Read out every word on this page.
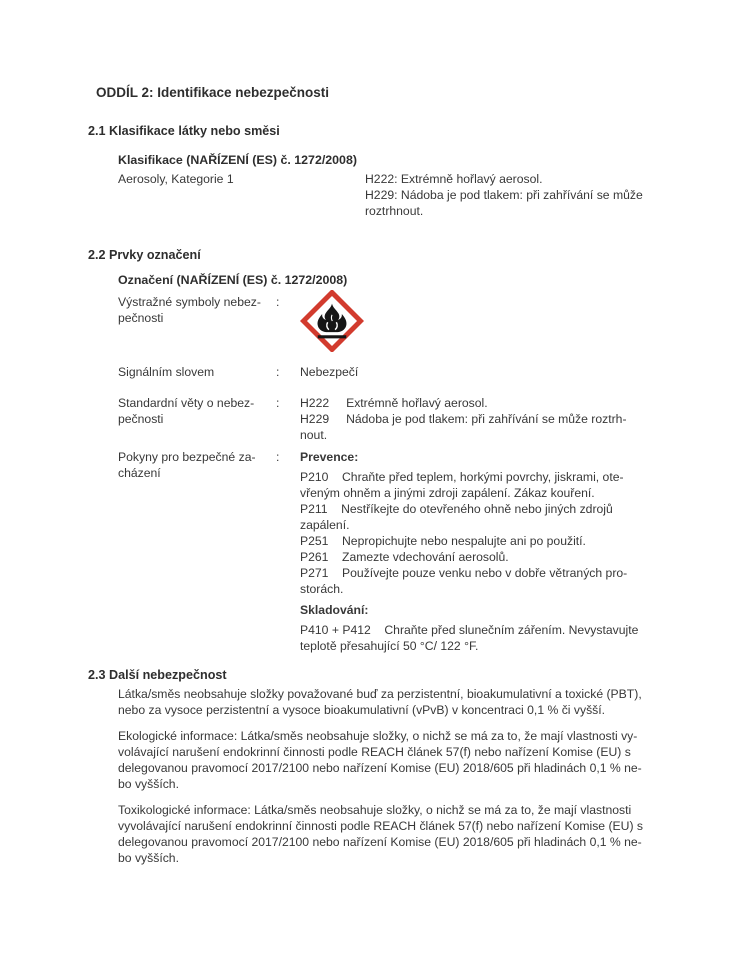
ODDÍL 2: Identifikace nebezpečnosti
2.1 Klasifikace látky nebo směsi
Klasifikace (NAŘÍZENÍ (ES) č. 1272/2008)
Aerosoly, Kategorie 1	H222: Extrémně hořlavý aerosol.
H229: Nádoba je pod tlakem: při zahřívání se může
roztrhnout.
2.2 Prvky označení
Označení (NAŘÍZENÍ (ES) č. 1272/2008)
Výstražné symboly nebez-
pečnosti
:
Signálním slovem	:	Nebezpečí
Standardní věty o nebez-
pečnosti
:	H222     Extrémně hořlavý aerosol.
H229     Nádoba je pod tlakem: při zahřívání se může roztrh-
nout.
Pokyny pro bezpečné za-
cházení
:	Prevence:
P210    Chraňte před teplem, horkými povrchy, jiskrami, ote-
vřeným ohněm a jinými zdroji zapálení. Zákaz kouření.
P211    Nestříkejte do otevřeného ohně nebo jiných zdrojů
zapálení.
P251    Nepropichujte nebo nespalujte ani po použití.
P261    Zamezte vdechování aerosolů.
P271    Používejte pouze venku nebo v dobře větraných pro-
storách.
Skladování:
P410 + P412    Chraňte před slunečním zářením. Nevystavujte
teplotě přesahující 50 °C/ 122 °F.
2.3 Další nebezpečnost
Látka/směs neobsahuje složky považované buď za perzistentní, bioakumulativní a toxické (PBT),
nebo za vysoce perzistentní a vysoce bioakumulativní (vPvB) v koncentraci 0,1 % či vyšší.
Ekologické informace: Látka/směs neobsahuje složky, o nichž se má za to, že mají vlastnosti vy-
volávající narušení endokrinní činnosti podle REACH článek 57(f) nebo nařízení Komise (EU) s
delegovanou pravomocí 2017/2100 nebo nařízení Komise (EU) 2018/605 při hladinách 0,1 % ne-
bo vyšších.
Toxikologické informace: Látka/směs neobsahuje složky, o nichž se má za to, že mají vlastnosti
vyvolávající narušení endokrinní činnosti podle REACH článek 57(f) nebo nařízení Komise (EU) s
delegovanou pravomocí 2017/2100 nebo nařízení Komise (EU) 2018/605 při hladinách 0,1 % ne-
bo vyšších.
